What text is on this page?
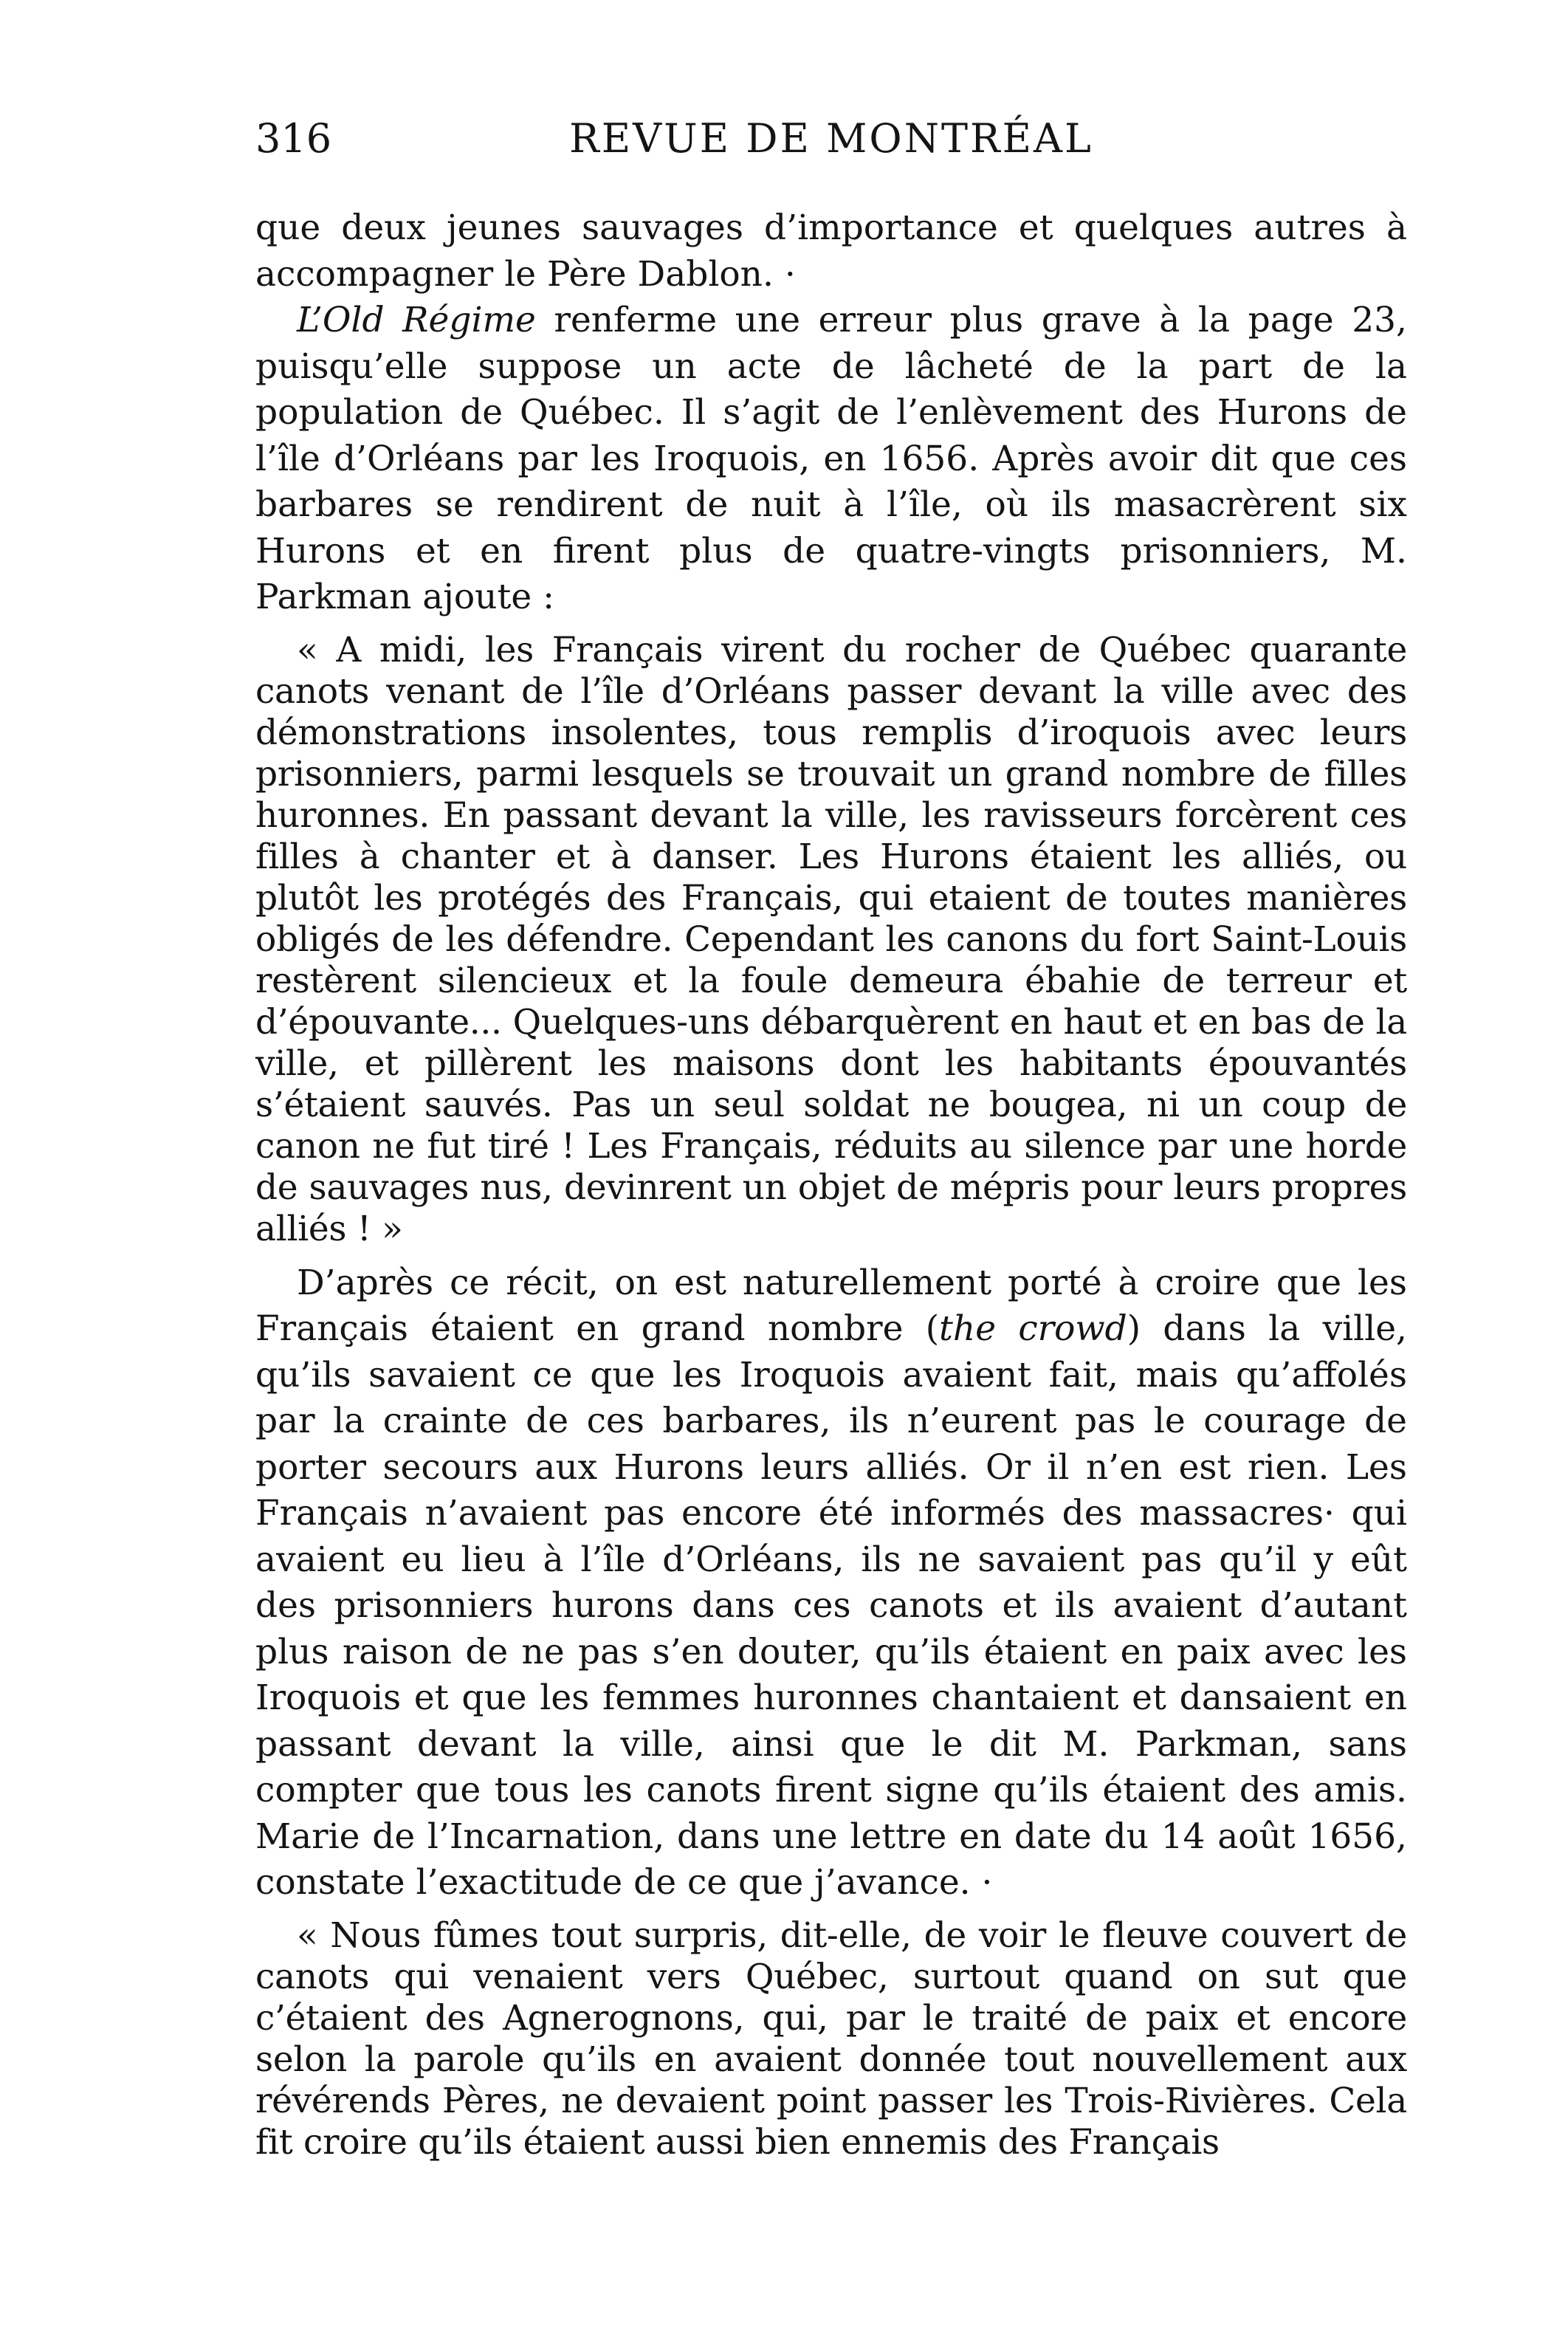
316	REVUE DE MONTRÉAL

que deux jeunes sauvages d’importance et quelques autres à accompagner le Père Dablon. ·

L’Old Régime renferme une erreur plus grave à la page 23, puisqu’elle suppose un acte de lâcheté de la part de la population de Québec. Il s’agit de l’enlèvement des Hurons de l’île d’Orléans par les Iroquois, en 1656. Après avoir dit que ces barbares se rendirent de nuit à l’île, où ils masacrèrent six Hurons et en firent plus de quatre-vingts prisonniers, M. Parkman ajoute :

« A midi, les Français virent du rocher de Québec quarante canots venant de l’île d’Orléans passer devant la ville avec des démonstrations insolentes, tous remplis d’iroquois avec leurs prisonniers, parmi lesquels se trouvait un grand nombre de filles huronnes. En passant devant la ville, les ravisseurs forcèrent ces filles à chanter et à danser. Les Hurons étaient les alliés, ou plutôt les protégés des Français, qui etaient de toutes manières obligés de les défendre. Cependant les canons du fort Saint-Louis restèrent silencieux et la foule demeura ébahie de terreur et d’épouvante... Quelques-uns débarquèrent en haut et en bas de la ville, et pillèrent les maisons dont les habitants épouvantés s’étaient sauvés. Pas un seul soldat ne bougea, ni un coup de canon ne fut tiré ! Les Français, réduits au silence par une horde de sauvages nus, devinrent un objet de mépris pour leurs propres alliés ! »

D’après ce récit, on est naturellement porté à croire que les Français étaient en grand nombre (the crowd) dans la ville, qu’ils savaient ce que les Iroquois avaient fait, mais qu’affolés par la crainte de ces barbares, ils n’eurent pas le courage de porter secours aux Hurons leurs alliés. Or il n’en est rien. Les Français n’avaient pas encore été informés des massacres· qui avaient eu lieu à l’île d’Orléans, ils ne savaient pas qu’il y eût des prisonniers hurons dans ces canots et ils avaient d’autant plus raison de ne pas s’en douter, qu’ils étaient en paix avec les Iroquois et que les femmes huronnes chantaient et dansaient en passant devant la ville, ainsi que le dit M. Parkman, sans compter que tous les canots firent signe qu’ils étaient des amis. Marie de l’Incarnation, dans une lettre en date du 14 août 1656, constate l’exactitude de ce que j’avance. ·

« Nous fûmes tout surpris, dit-elle, de voir le fleuve couvert de canots qui venaient vers Québec, surtout quand on sut que c’étaient des Agnerognons, qui, par le traité de paix et encore selon la parole qu’ils en avaient donnée tout nouvellement aux révérends Pères, ne devaient point passer les Trois-Rivières. Cela fit croire qu’ils étaient aussi bien ennemis des Français
